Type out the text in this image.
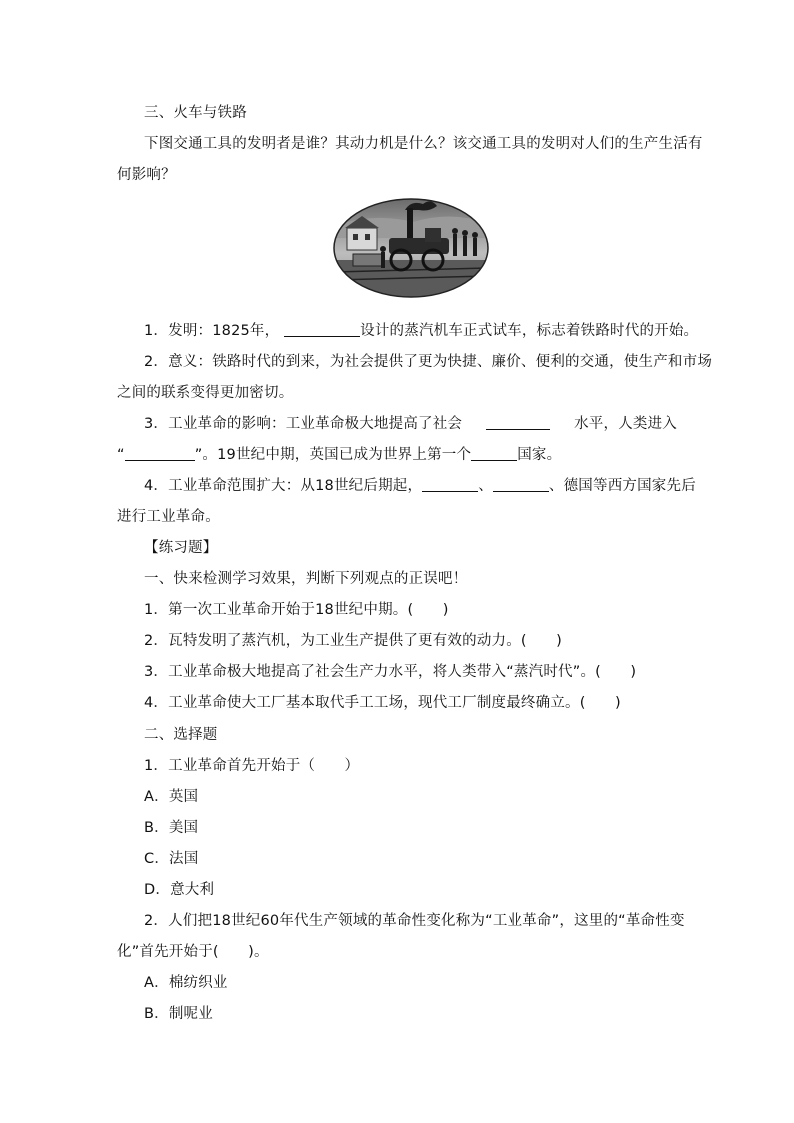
三、火车与铁路
下图交通工具的发明者是谁？其动力机是什么？该交通工具的发明对人们的生产生活有
何影响？
1．发明：1825年，	设计的蒸汽机车正式试车，标志着铁路时代的开始。
2．意义：铁路时代的到来，为社会提供了更为快捷、廉价、便利的交通，使生产和市场
之间的联系变得更加密切。
3．工业革命的影响：工业革命极大地提高了社会	水平，人类进入
“	”。19世纪中期，英国已成为世界上第一个	国家。
4．工业革命范围扩大：从18世纪后期起，	、	、德国等西方国家先后
进行工业革命。
【练习题】
一、快来检测学习效果，判断下列观点的正误吧！
1．第一次工业革命开始于18世纪中期。(　　)
2．瓦特发明了蒸汽机，为工业生产提供了更有效的动力。(　　)
3．工业革命极大地提高了社会生产力水平，将人类带入“蒸汽时代”。(　　)
4．工业革命使大工厂基本取代手工工场，现代工厂制度最终确立。(　　)
二、选择题
1．工业革命首先开始于（　　）
A．英国
B．美国
C．法国
D．意大利
2．人们把18世纪60年代生产领域的革命性变化称为“工业革命”，这里的“革命性变
化”首先开始于(　　)。
A．棉纺织业
B．制呢业
